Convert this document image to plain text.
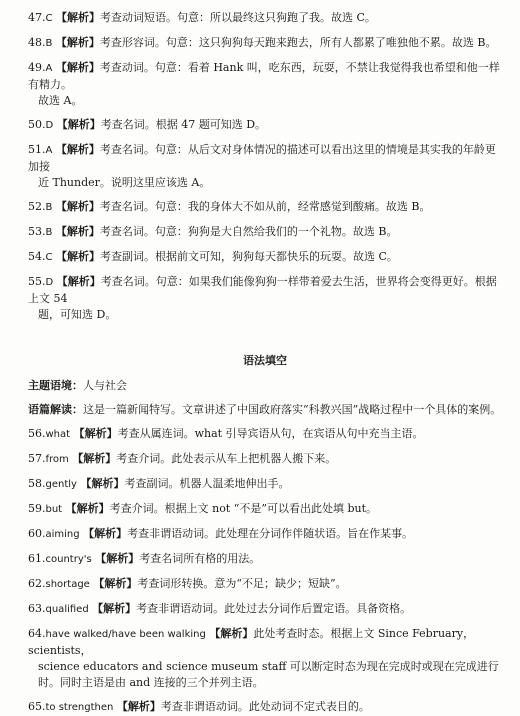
47.C 【解析】考查动词短语。句意：所以最终这只狗跑了我。故选 C。
48.B 【解析】考查形容词。句意：这只狗狗每天跑来跑去，所有人都累了唯独他不累。故选 B。
49.A 【解析】考查动词。句意：看着 Hank 叫，吃东西，玩耍，不禁让我觉得我也希望和他一样有精力。
故选 A。
50.D 【解析】考查名词。根据 47 题可知选 D。
51.A 【解析】考查名词。句意：从后文对身体情况的描述可以看出这里的情境是其实我的年龄更加接
近 Thunder。说明这里应该选 A。
52.B 【解析】考查名词。句意：我的身体大不如从前，经常感觉到酸痛。故选 B。
53.B 【解析】考查名词。句意：狗狗是大自然给我们的一个礼物。故选 B。
54.C 【解析】考查副词。根据前文可知，狗狗每天都快乐的玩耍。故选 C。
55.D 【解析】考查名词。句意：如果我们能像狗狗一样带着爱去生活，世界将会变得更好。根据上文 54
题，可知选 D。
语法填空
主题语境：人与社会
语篇解读：这是一篇新闻特写。文章讲述了中国政府落实“科教兴国”战略过程中一个具体的案例。
56.what 【解析】考查从属连词。what 引导宾语从句，在宾语从句中充当主语。
57.from 【解析】考查介词。此处表示从车上把机器人搬下来。
58.gently 【解析】考查副词。机器人温柔地伸出手。
59.but 【解析】考查介词。根据上文 not “不是”可以看出此处填 but。
60.aiming 【解析】考查非谓语动词。此处理在分词作伴随状语。旨在作某事。
61.country's 【解析】考查名词所有格的用法。
62.shortage 【解析】考查词形转换。意为“不足；缺少；短缺”。
63.qualified 【解析】考查非谓语动词。此处过去分词作后置定语。具备资格。
64.have walked/have been walking 【解析】此处考查时态。根据上文 Since February，scientists，
science educators and science museum staff 可以断定时态为现在完成时或现在完成进行时。同时主语是由 and 连接的三个并列主语。
65.to strengthen 【解析】考查非谓语动词。此处动词不定式表目的。
